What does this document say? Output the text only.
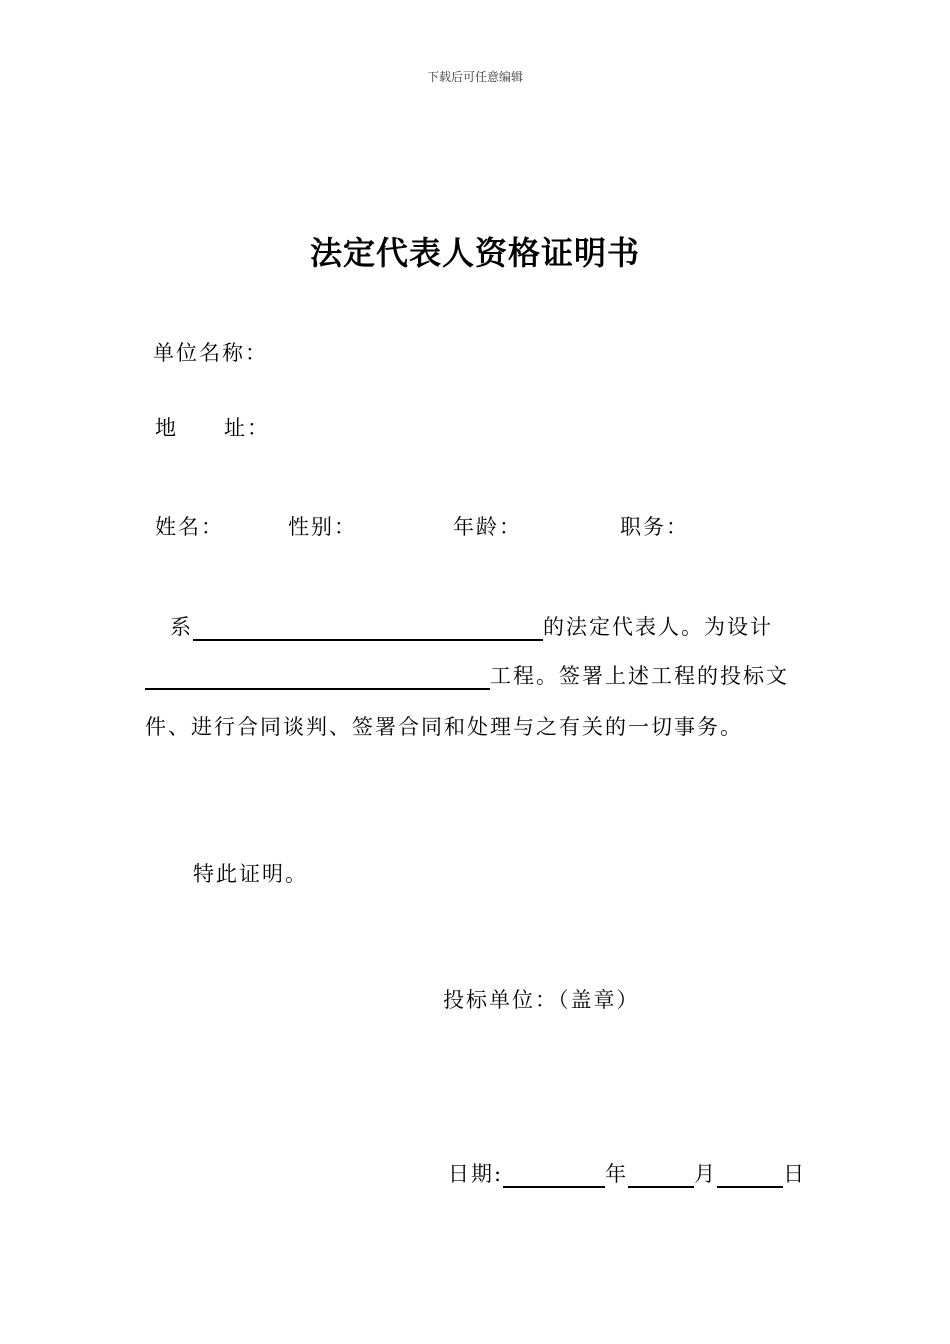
下载后可任意编辑
法定代表人资格证明书
单位名称：
地　　址：
姓名：	性别：	年龄：	职务：
系	的法定代表人。为设计
工程。签署上述工程的投标文
件、进行合同谈判、签署合同和处理与之有关的一切事务。
特此证明。
投标单位：（盖章）
日期:	年	月	日
